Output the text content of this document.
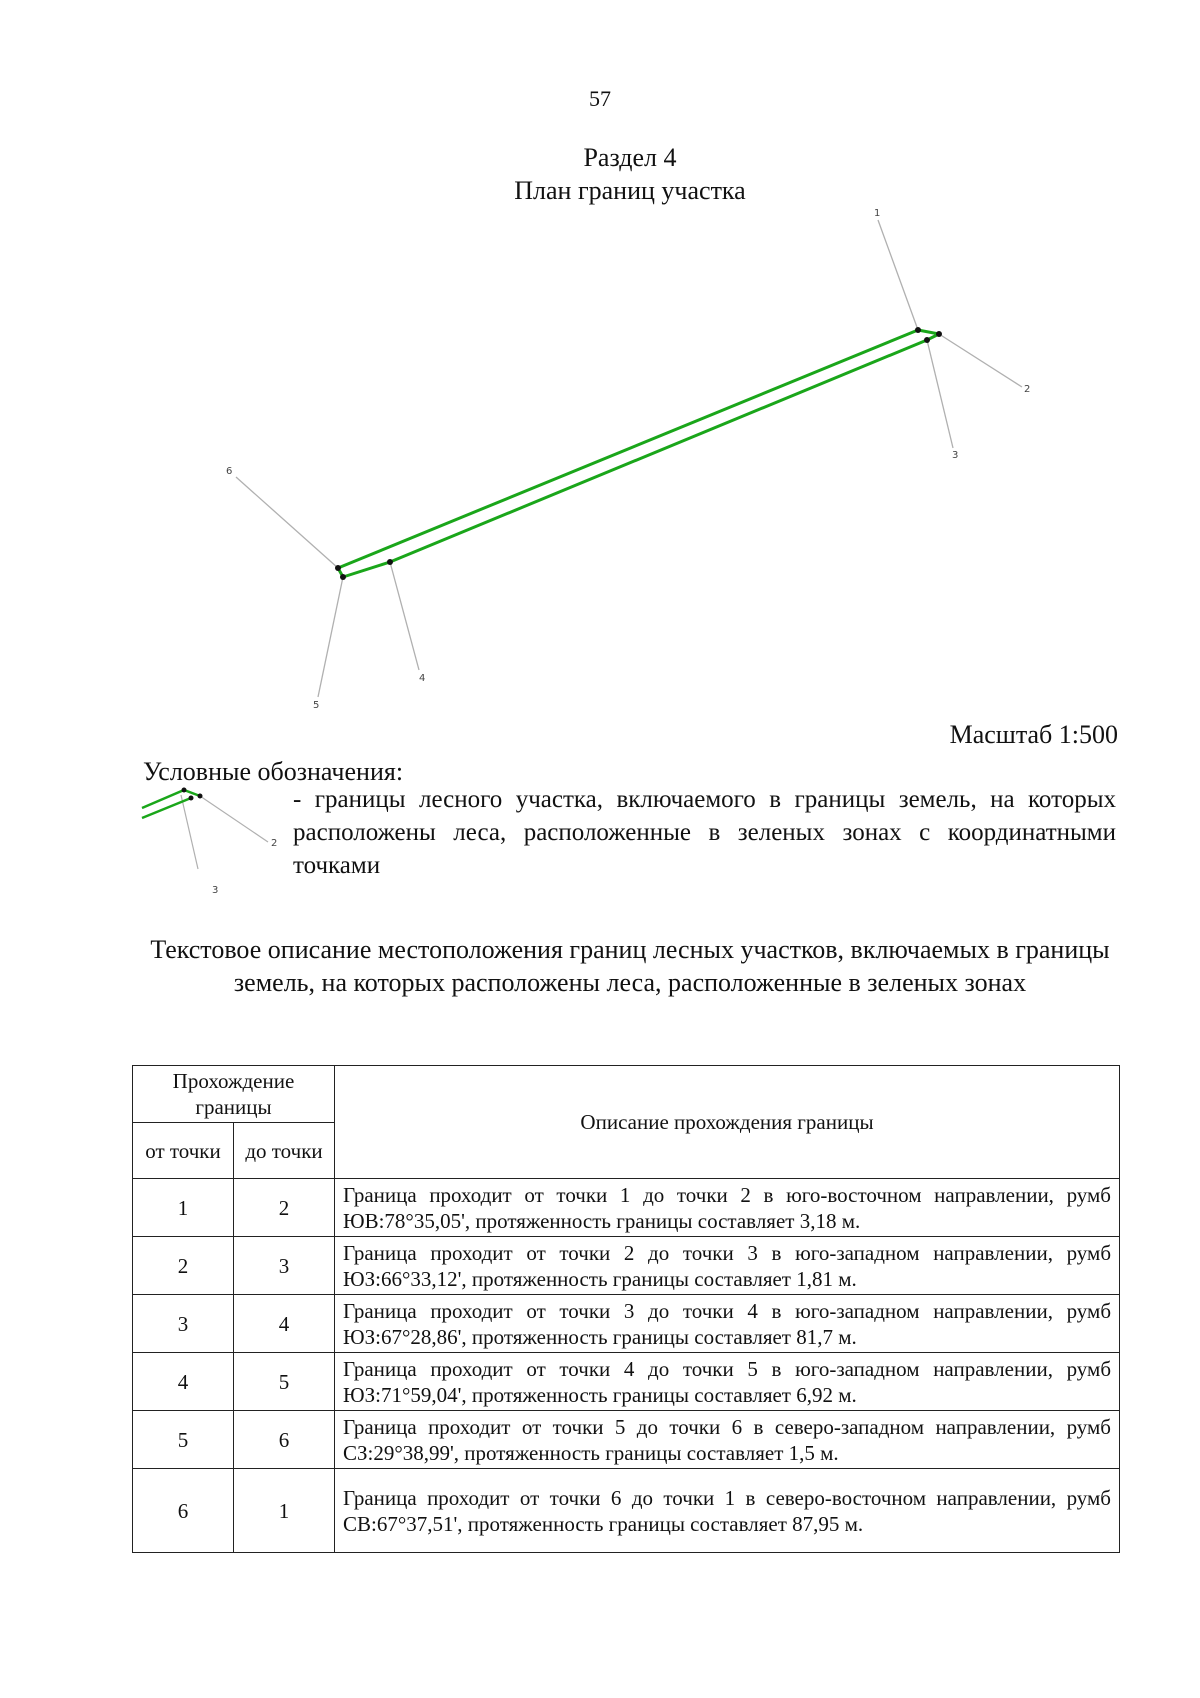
57
Раздел 4
План границ участка
1
2
3
4
5
6
Масштаб 1:500
Условные обозначения:
2
3
- границы лесного участка, включаемого в границы земель, на которых расположены леса, расположенные в зеленых зонах с координатными точками
Текстовое описание местоположения границ лесных участков, включаемых в границы земель, на которых расположены леса, расположенные в зеленых зонах
Прохождение границы		Описание прохождения границы
от точки	до точки	
1	2	Граница проходит от точки 1 до точки 2 в юго-восточном направлении, румб ЮВ:78°35,05', протяженность границы составляет 3,18 м.
2	3	Граница проходит от точки 2 до точки 3 в юго-западном направлении, румб ЮЗ:66°33,12', протяженность границы составляет 1,81 м.
3	4	Граница проходит от точки 3 до точки 4 в юго-западном направлении, румб ЮЗ:67°28,86', протяженность границы составляет 81,7 м.
4	5	Граница проходит от точки 4 до точки 5 в юго-западном направлении, румб ЮЗ:71°59,04', протяженность границы составляет 6,92 м.
5	6	Граница проходит от точки 5 до точки 6 в северо-западном направлении, румб СЗ:29°38,99', протяженность границы составляет 1,5 м.
6	1	Граница проходит от точки 6 до точки 1 в северо-восточном направлении, румб СВ:67°37,51', протяженность границы составляет 87,95 м.
